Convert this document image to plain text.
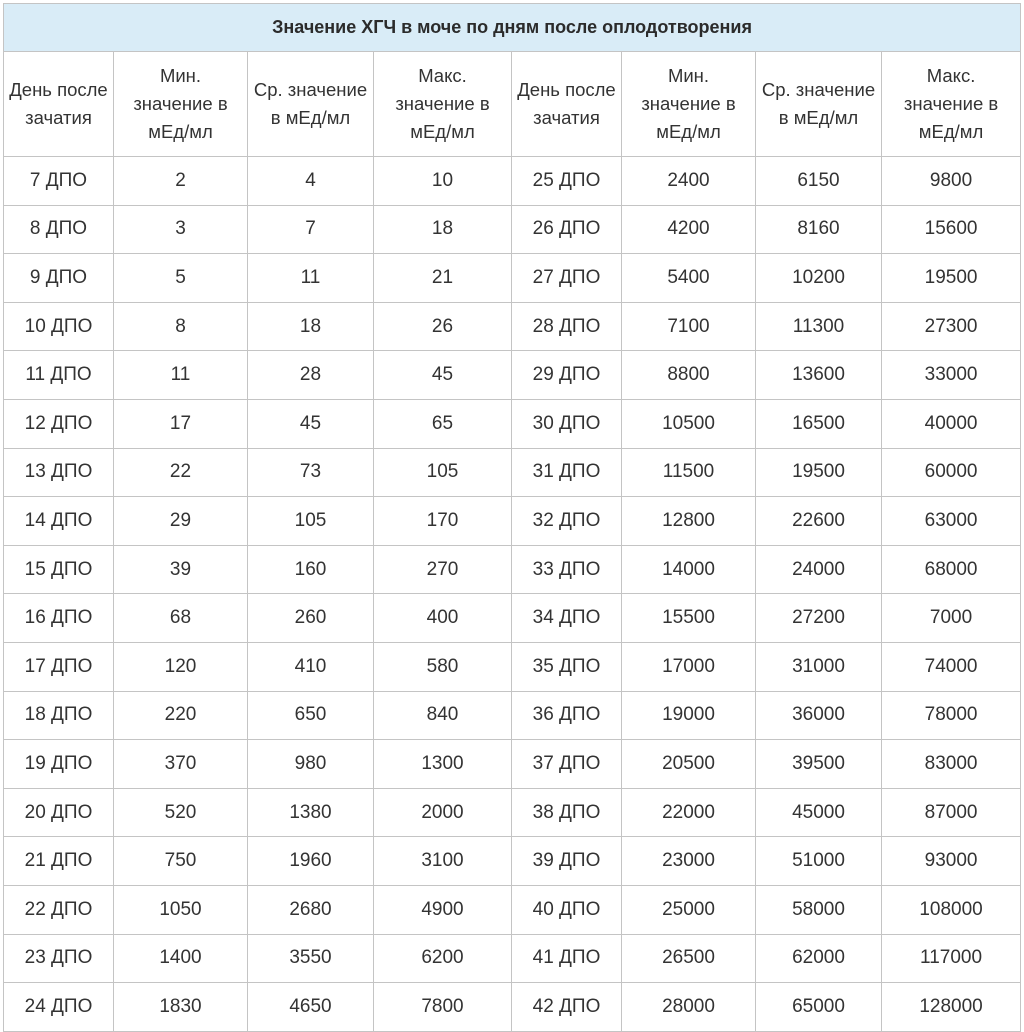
Значение ХГЧ в моче по дням после оплодотворения							
День после зачатия	Мин. значение в мЕд/мл	Ср. значение в мЕд/мл	Макс. значение в мЕд/мл	День после зачатия	Мин. значение в мЕд/мл	Ср. значение в мЕд/мл	Макс. значение в мЕд/мл
7 ДПО	2	4	10	25 ДПО	2400	6150	9800
8 ДПО	3	7	18	26 ДПО	4200	8160	15600
9 ДПО	5	11	21	27 ДПО	5400	10200	19500
10 ДПО	8	18	26	28 ДПО	7100	11300	27300
11 ДПО	11	28	45	29 ДПО	8800	13600	33000
12 ДПО	17	45	65	30 ДПО	10500	16500	40000
13 ДПО	22	73	105	31 ДПО	11500	19500	60000
14 ДПО	29	105	170	32 ДПО	12800	22600	63000
15 ДПО	39	160	270	33 ДПО	14000	24000	68000
16 ДПО	68	260	400	34 ДПО	15500	27200	7000
17 ДПО	120	410	580	35 ДПО	17000	31000	74000
18 ДПО	220	650	840	36 ДПО	19000	36000	78000
19 ДПО	370	980	1300	37 ДПО	20500	39500	83000
20 ДПО	520	1380	2000	38 ДПО	22000	45000	87000
21 ДПО	750	1960	3100	39 ДПО	23000	51000	93000
22 ДПО	1050	2680	4900	40 ДПО	25000	58000	108000
23 ДПО	1400	3550	6200	41 ДПО	26500	62000	117000
24 ДПО	1830	4650	7800	42 ДПО	28000	65000	128000
